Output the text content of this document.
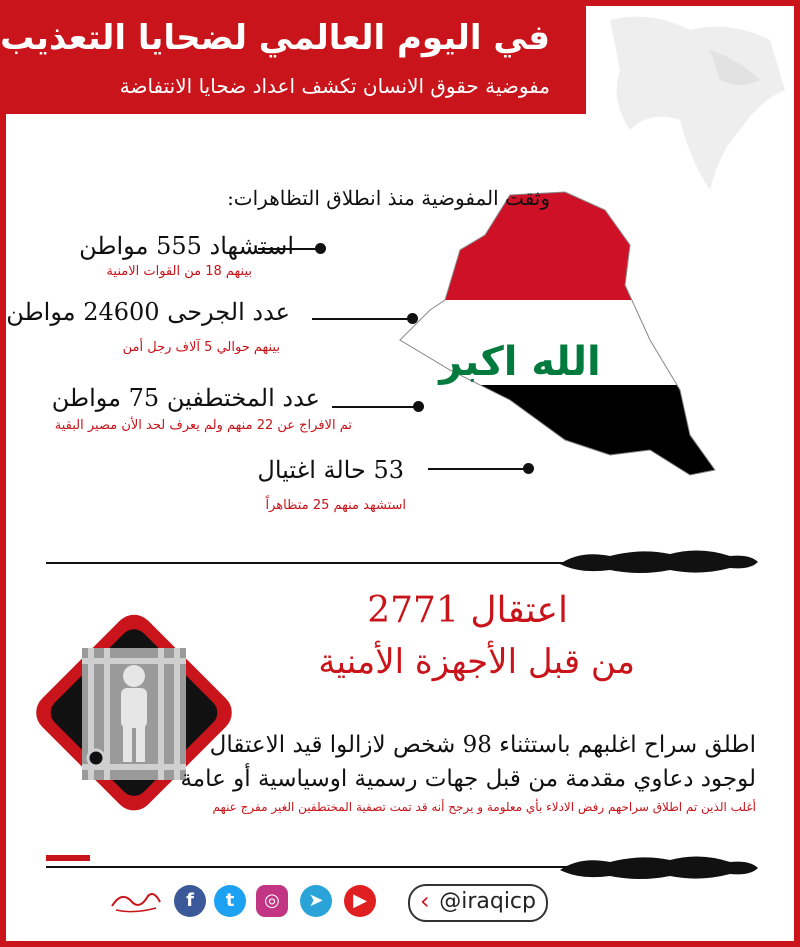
في اليوم العالمي لضحايا التعذيب
مفوضية حقوق الانسان تكشف اعداد ضحايا الانتفاضة
الله اكبر
وثقت المفوضية منذ انطلاق التظاهرات:
استشهاد 555 مواطن
بينهم 18 من القوات الامنية
عدد الجرحى 24600 مواطن
بينهم حوالي 5 آلاف رجل أمن
عدد المختطفين 75 مواطن
تم الافراج عن 22 منهم ولم يعرف لحد الأن مصير البقية
53 حالة اغتيال
استشهد منهم 25 متظاهراً
اعتقال 2771
من قبل الأجهزة الأمنية
اطلق سراح اغلبهم باستثناء 98 شخص لازالوا قيد الاعتقال
لوجود دعاوي مقدمة من قبل جهات رسمية اوسياسية أو عامة
أغلب الذين تم اطلاق سراحهم رفض الادلاء بأي معلومة و يرجح أنه قد تمت تصفية المختطفين الغير مفرج عنهم
f	t	◎	➤	▶	‹ @iraqicp
